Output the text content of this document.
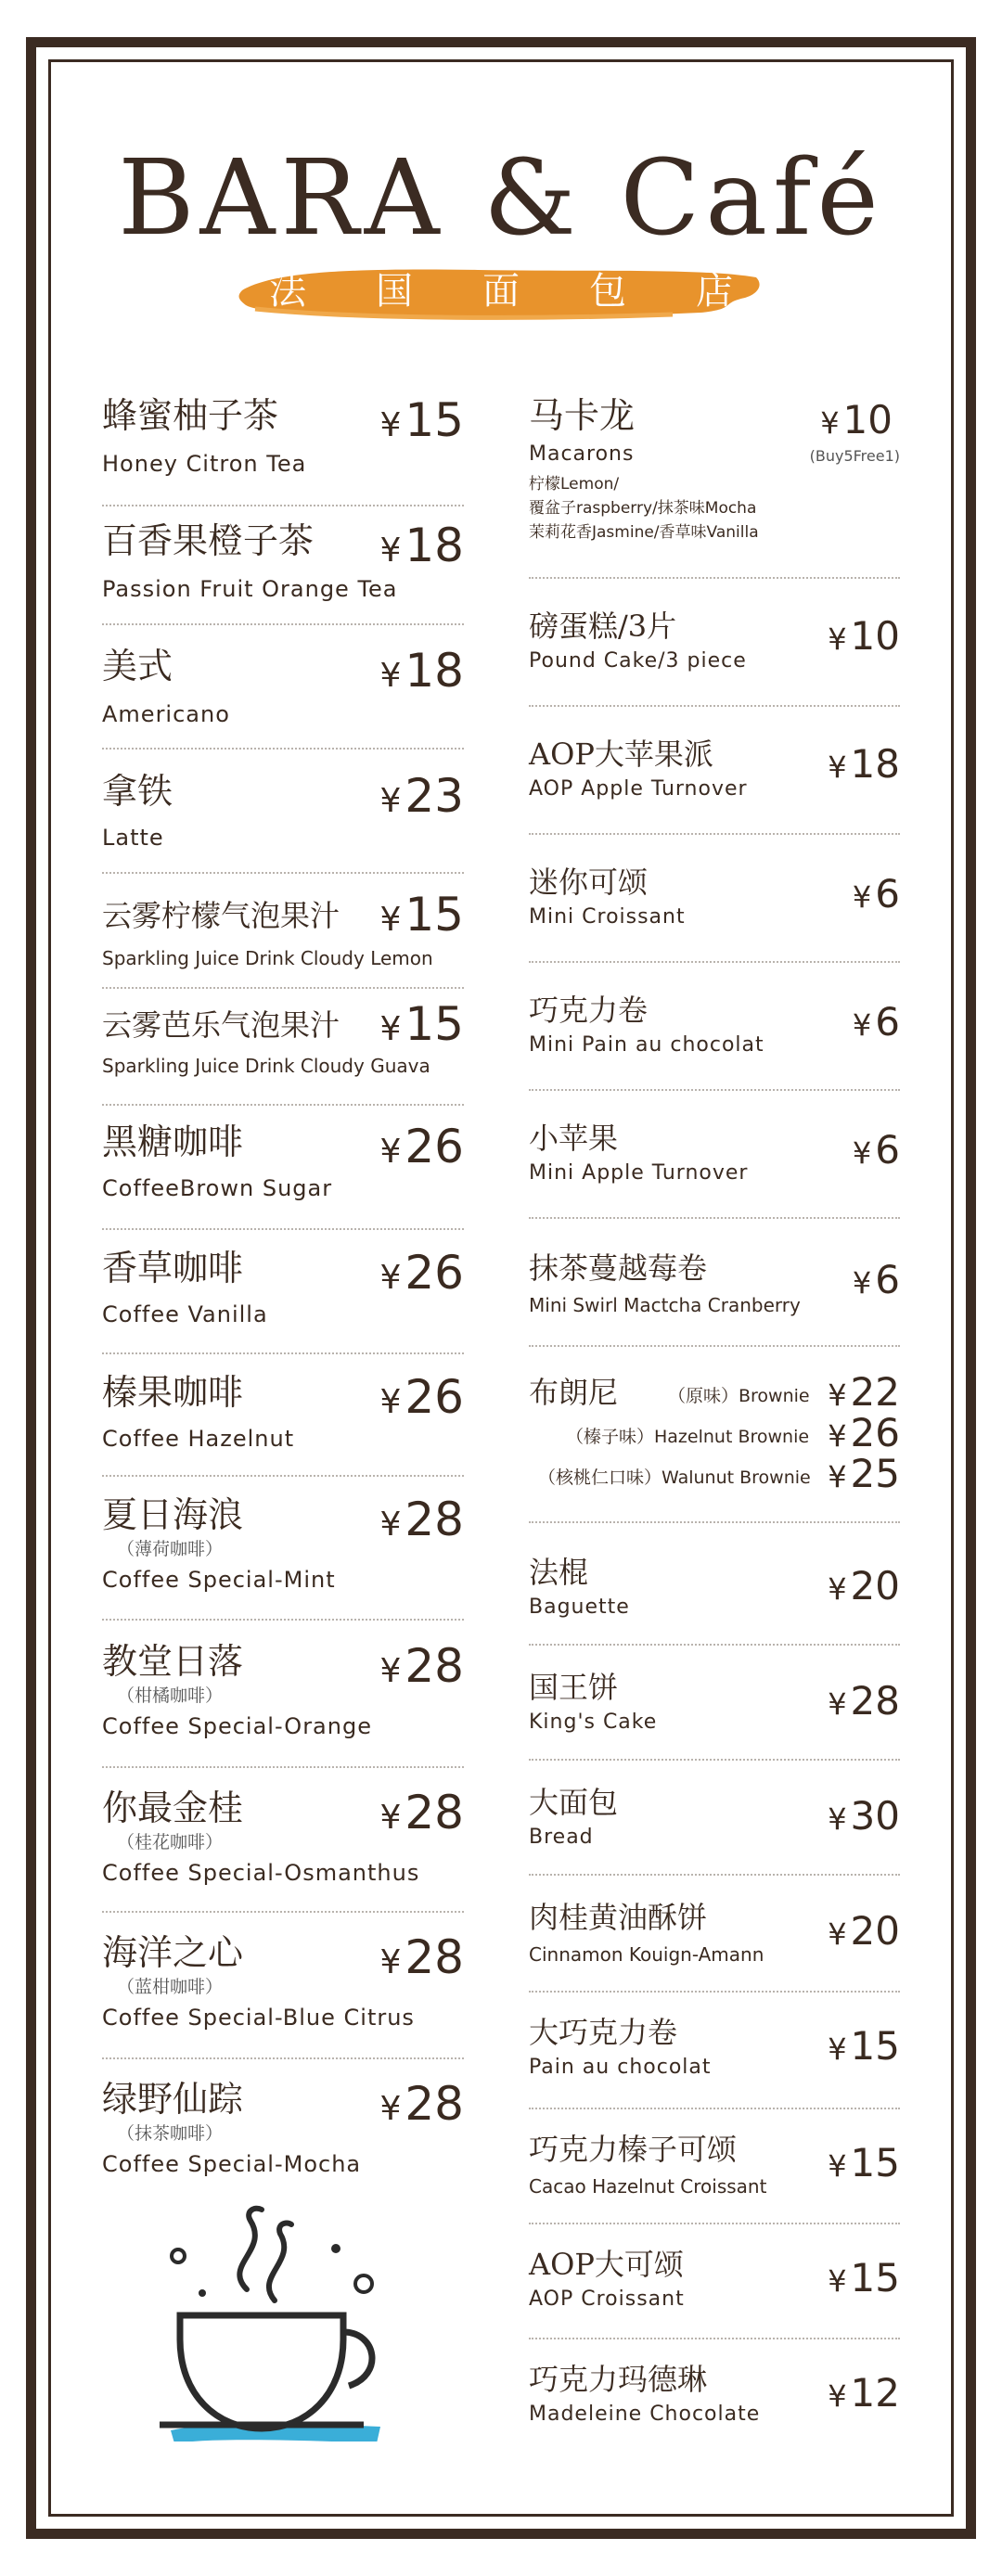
BARA & Café
法 国 面 包 店
蜂蜜柚子茶
Honey Citron Tea
¥15
百香果橙子茶
Passion Fruit Orange Tea
¥18
美式
Americano
¥18
拿铁
Latte
¥23
云雾柠檬气泡果汁
Sparkling Juice Drink Cloudy Lemon
¥15
云雾芭乐气泡果汁
Sparkling Juice Drink Cloudy Guava
¥15
黑糖咖啡
CoffeeBrown Sugar
¥26
香草咖啡
Coffee Vanilla
¥26
榛果咖啡
Coffee Hazelnut
¥26
夏日海浪
（薄荷咖啡）
Coffee Special-Mint
¥28
教堂日落
（柑橘咖啡）
Coffee Special-Orange
¥28
你最金桂
（桂花咖啡）
Coffee Special-Osmanthus
¥28
海洋之心
（蓝柑咖啡）
Coffee Special-Blue Citrus
¥28
绿野仙踪
（抹茶咖啡）
Coffee Special-Mocha
¥28
马卡龙
Macarons
¥10
(Buy5Free1)
柠檬Lemon/
覆盆子raspberry/抹茶味Mocha
茉莉花香Jasmine/香草味Vanilla
磅蛋糕/3片
Pound Cake/3 piece
¥10
AOP大苹果派
AOP Apple Turnover
¥18
迷你可颂
Mini Croissant
¥6
巧克力卷
Mini Pain au chocolat
¥6
小苹果
Mini Apple Turnover
¥6
抹茶蔓越莓卷
Mini Swirl Mactcha Cranberry
¥6
布朗尼	（原味）Brownie ¥22
（榛子味）Hazelnut Brownie ¥26
（核桃仁口味）Walunut Brownie ¥25
法棍
Baguette
¥20
国王饼
King's Cake
¥28
大面包
Bread
¥30
肉桂黄油酥饼
Cinnamon Kouign-Amann
¥20
大巧克力卷
Pain au chocolat
¥15
巧克力榛子可颂
Cacao Hazelnut Croissant
¥15
AOP大可颂
AOP Croissant
¥15
巧克力玛德琳
Madeleine Chocolate
¥12
